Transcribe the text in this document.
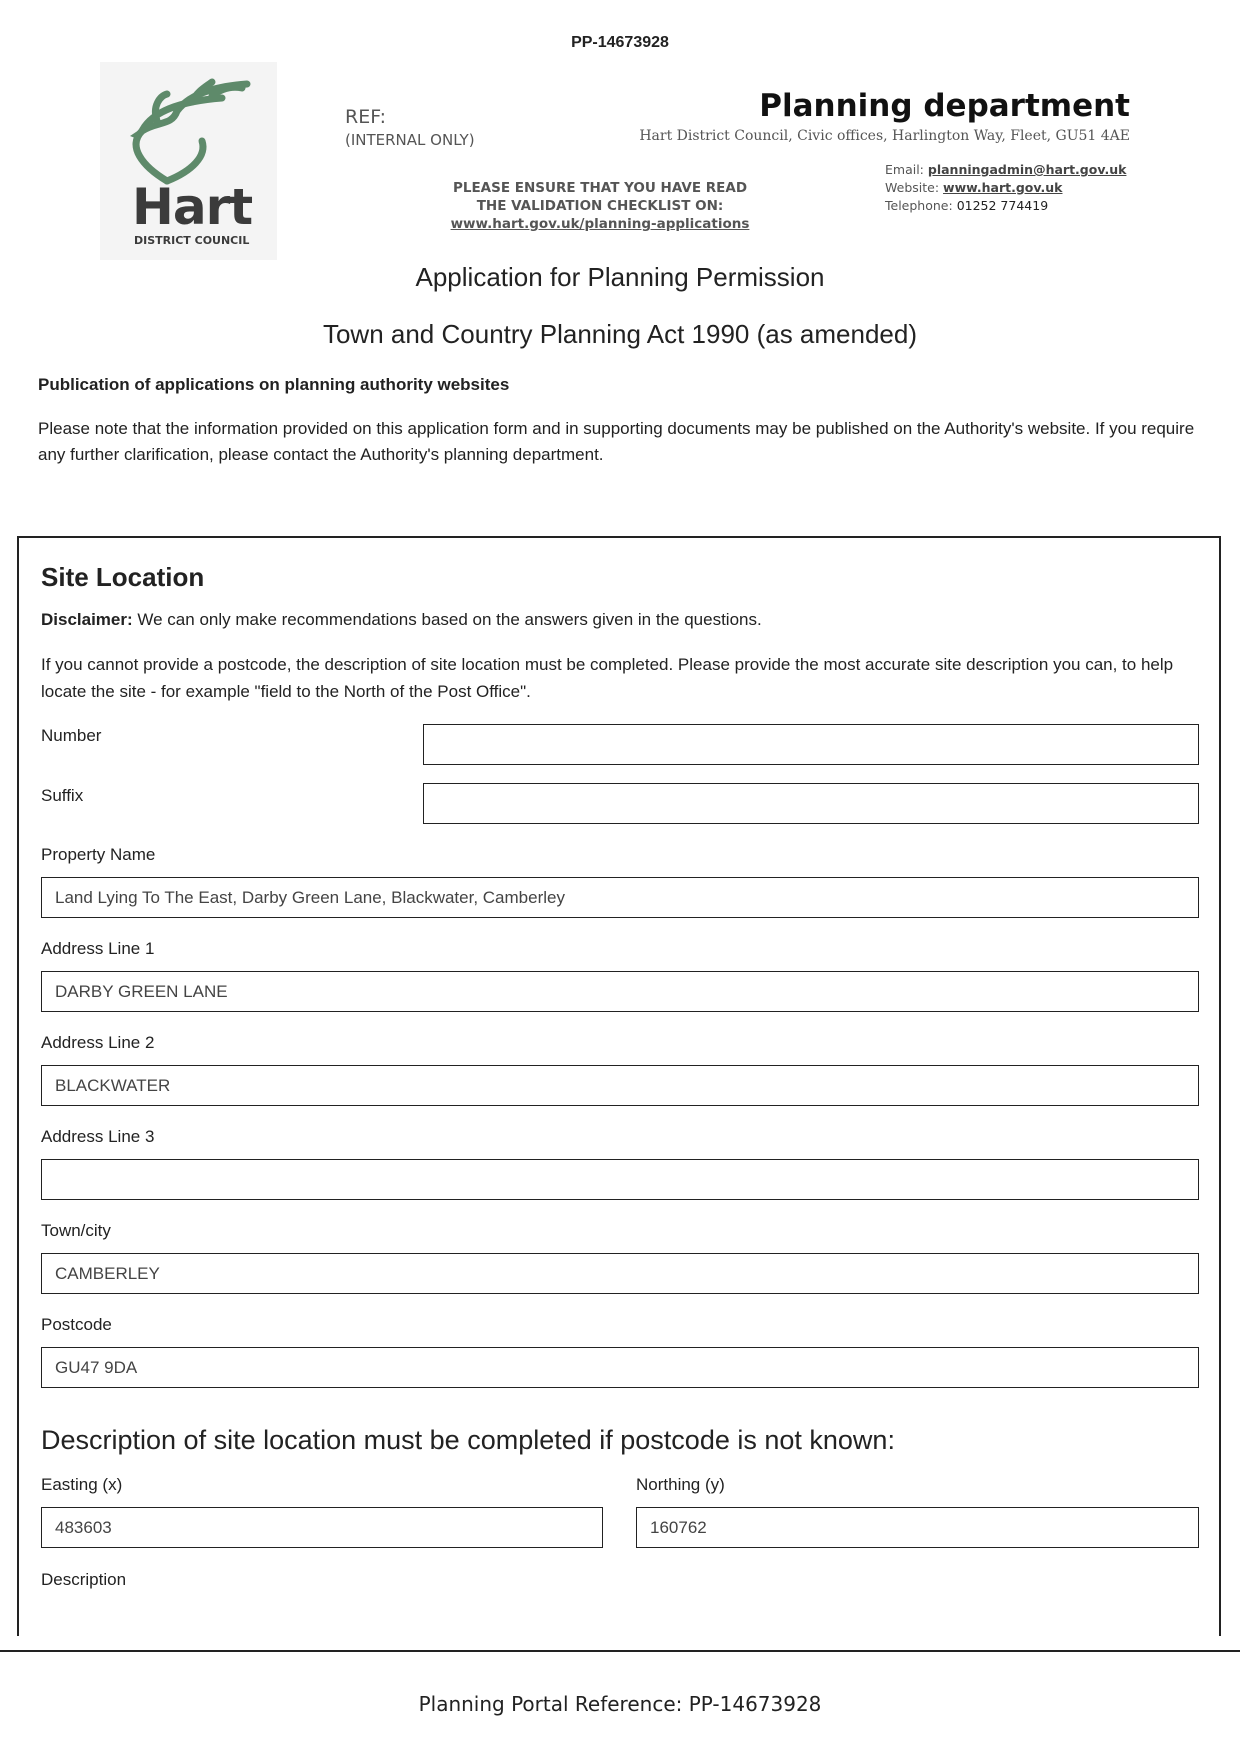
PP-14673928
Hart
DISTRICT COUNCIL
REF:
(INTERNAL ONLY)
PLEASE ENSURE THAT YOU HAVE READ
THE VALIDATION CHECKLIST ON:
www.hart.gov.uk/planning-applications
Planning department
Hart District Council, Civic offices, Harlington Way, Fleet, GU51 4AE
Email: planningadmin@hart.gov.uk
Website: www.hart.gov.uk
Telephone: 01252 774419
Application for Planning Permission
Town and Country Planning Act 1990 (as amended)
Publication of applications on planning authority websites
Please note that the information provided on this application form and in supporting documents may be published on the Authority's website. If you require any further clarification, please contact the Authority's planning department.
Site Location
Disclaimer: We can only make recommendations based on the answers given in the questions.
If you cannot provide a postcode, the description of site location must be completed. Please provide the most accurate site description you can, to help locate the site - for example "field to the North of the Post Office".
Number
Suffix
Property Name
Land Lying To The East, Darby Green Lane, Blackwater, Camberley
Address Line 1
DARBY GREEN LANE
Address Line 2
BLACKWATER
Address Line 3
Town/city
CAMBERLEY
Postcode
GU47 9DA
Description of site location must be completed if postcode is not known:
Easting (x)
483603
Northing (y)
160762
Description
Planning Portal Reference: PP-14673928
